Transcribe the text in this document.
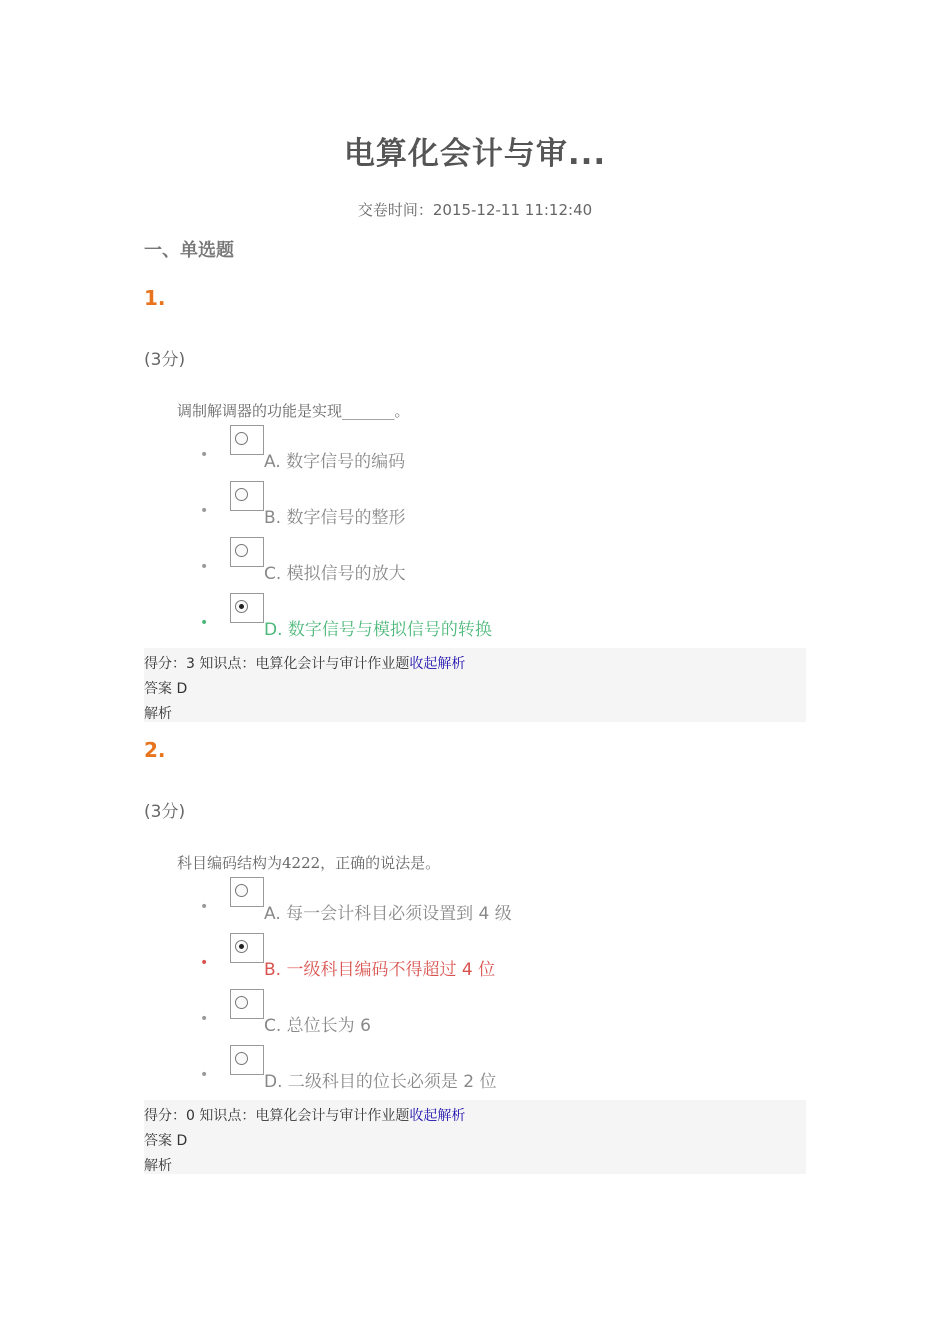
电算化会计与审...
交卷时间：2015-12-11 11:12:40
一、单选题
1.
(3分)
调制解调器的功能是实现_______。
•	A. 数字信号的编码
•	B. 数字信号的整形
•	C. 模拟信号的放大
•	D. 数字信号与模拟信号的转换
得分：3 知识点：电算化会计与审计作业题收起解析
答案 D
解析
2.
(3分)
科目编码结构为4222，正确的说法是。
•	A. 每一会计科目必须设置到 4 级
•	B. 一级科目编码不得超过 4 位
•	C. 总位长为 6
•	D. 二级科目的位长必须是 2 位
得分：0 知识点：电算化会计与审计作业题收起解析
答案 D
解析
